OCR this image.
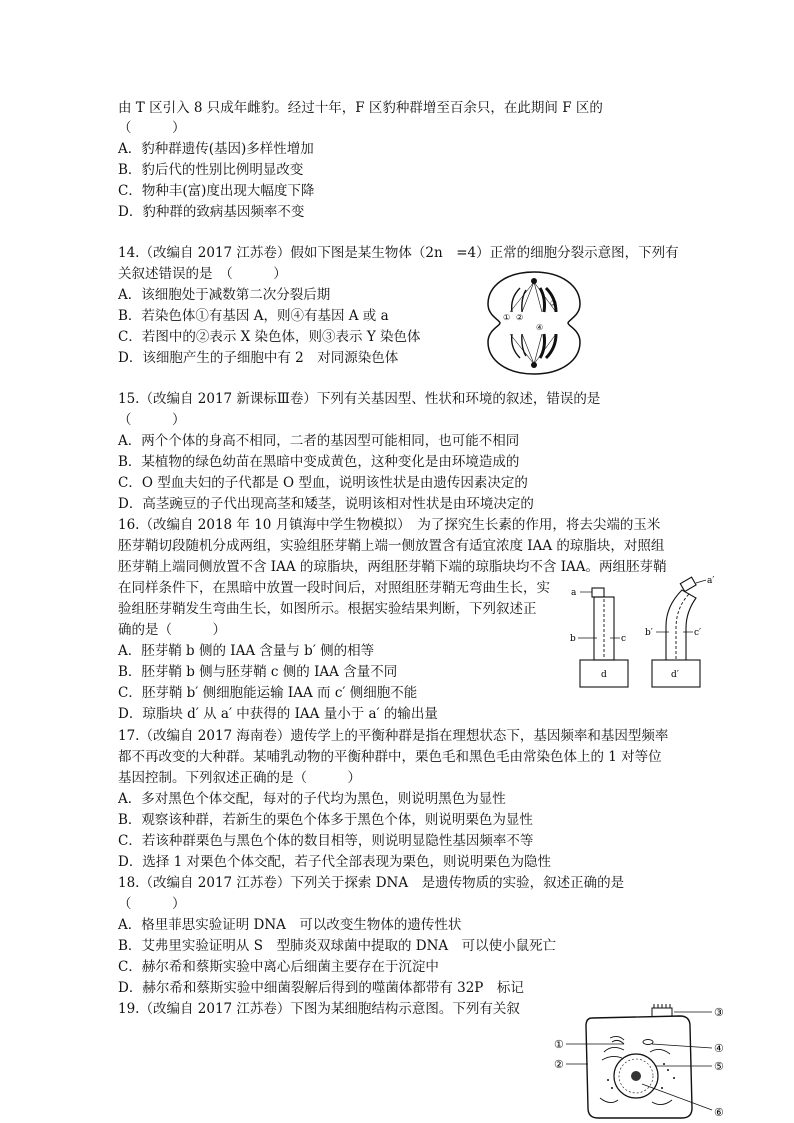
由 T 区引入 8 只成年雌豹。经过十年，F 区豹种群增至百余只，在此期间 F 区的
（　　　）
A．豹种群遗传(基因)多样性增加
B．豹后代的性别比例明显改变
C．物种丰(富)度出现大幅度下降
D．豹种群的致病基因频率不变
14.（改编自 2017 江苏卷）假如下图是某生物体（2n　=4）正常的细胞分裂示意图，下列有
关叙述错误的是　（　　　）
A．该细胞处于减数第二次分裂后期
B．若染色体①有基因 A，则④有基因 A 或 a
C．若图中的②表示 X 染色体，则③表示 Y 染色体
D．该细胞产生的子细胞中有 2　对同源染色体
① ②
③
④
15.（改编自 2017 新课标Ⅲ卷）下列有关基因型、性状和环境的叙述，错误的是
（　　　）
A．两个个体的身高不相同，二者的基因型可能相同，也可能不相同
B．某植物的绿色幼苗在黑暗中变成黄色，这种变化是由环境造成的
C．O 型血夫妇的子代都是 O 型血，说明该性状是由遗传因素决定的
D．高茎豌豆的子代出现高茎和矮茎，说明该相对性状是由环境决定的
16.（改编自 2018 年 10 月镇海中学生物模拟）　为了探究生长素的作用，将去尖端的玉米
胚芽鞘切段随机分成两组，实验组胚芽鞘上端一侧放置含有适宜浓度 IAA 的琼脂块，对照组
胚芽鞘上端同侧放置不含 IAA 的琼脂块，两组胚芽鞘下端的琼脂块均不含 IAA。两组胚芽鞘
在同样条件下，在黑暗中放置一段时间后，对照组胚芽鞘无弯曲生长，实
验组胚芽鞘发生弯曲生长，如图所示。根据实验结果判断，下列叙述正
确的是（　　　）
A．胚芽鞘 b 侧的 IAA 含量与 b′ 侧的相等
B．胚芽鞘 b 侧与胚芽鞘 c 侧的 IAA 含量不同
C．胚芽鞘 b′ 侧细胞能运输 IAA 而 c′ 侧细胞不能
D．琼脂块 d′ 从 a′ 中获得的 IAA 量小于 a′ 的输出量
a
b	c
d
a′
b′	c′
d′
17.（改编自 2017 海南卷）遗传学上的平衡种群是指在理想状态下，基因频率和基因型频率
都不再改变的大种群。某哺乳动物的平衡种群中，栗色毛和黑色毛由常染色体上的 1 对等位
基因控制。下列叙述正确的是（　　　）
A．多对黑色个体交配，每对的子代均为黑色，则说明黑色为显性
B．观察该种群，若新生的栗色个体多于黑色个体，则说明栗色为显性
C．若该种群栗色与黑色个体的数目相等，则说明显隐性基因频率不等
D．选择 1 对栗色个体交配，若子代全部表现为栗色，则说明栗色为隐性
18.（改编自 2017 江苏卷）下列关于探索 DNA　是遗传物质的实验，叙述正确的是
（　　　）
A．格里菲思实验证明 DNA　可以改变生物体的遗传性状
B．艾弗里实验证明从 S　型肺炎双球菌中提取的 DNA　可以使小鼠死亡
C．赫尔希和蔡斯实验中离心后细菌主要存在于沉淀中
D．赫尔希和蔡斯实验中细菌裂解后得到的噬菌体都带有 32P　标记
19.（改编自 2017 江苏卷）下图为某细胞结构示意图。下列有关叙
①
②
③
④
⑤
⑥
